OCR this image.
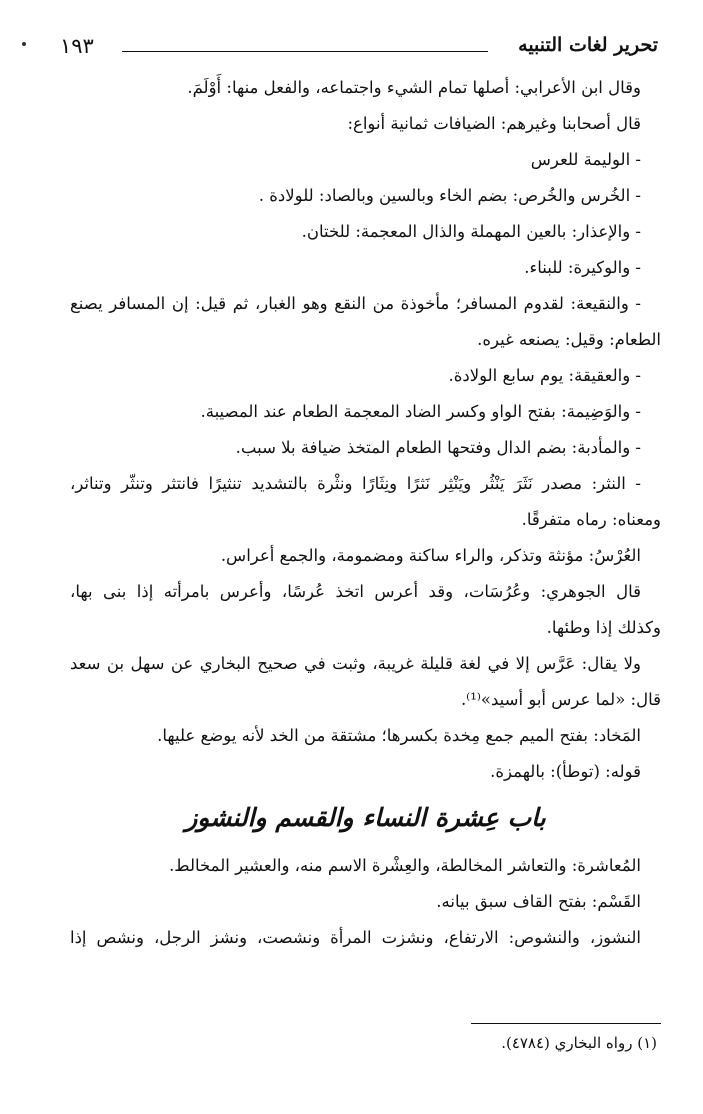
تحرير لغات التنبيه
١٩٣
وقال ابن الأعرابي: أصلها تمام الشيء واجتماعه، والفعل منها: أَوْلَمَ.
قال أصحابنا وغيرهم: الضيافات ثمانية أنواع:
- الوليمة للعرس
- الخُرس والخُرص: بضم الخاء وبالسين وبالصاد: للولادة .
- والإعذار: بالعين المهملة والذال المعجمة: للختان.
- والوكيرة: للبناء.
- والنقيعة: لقدوم المسافر؛ مأخوذة من النقع وهو الغبار، ثم قيل: إن المسافر يصنع
الطعام: وقيل: يصنعه غيره.
- والعقيقة: يوم سابع الولادة.
- والوَضِيمة: بفتح الواو وكسر الضاد المعجمة الطعام عند المصيبة.
- والمأدبة: بضم الدال وفتحها الطعام المتخذ ضيافة بلا سبب.
- النثر: مصدر نَثَرَ يَنْثُر ويَنْثِر نَثرًا ونِثَارًا ونثْرة بالتشديد تنثيرًا فانتثر وتنثّر وتناثر،
ومعناه: رماه متفرقًا.
العُرْسُ: مؤنثة وتذكر، والراء ساكنة ومضمومة، والجمع أعراس.
قال الجوهري: وعُرُسَات، وقد أعرس اتخذ عُرسًا، وأعرس بامرأته إذا بنى بها،
وكذلك إذا وطئها.
ولا يقال: عَرَّس إلا في لغة قليلة غريبة، وثبت في صحيح البخاري عن سهل بن سعد
قال: «لما عرس أبو أسيد»⁽¹⁾.
المَخاد: بفتح الميم جمع مِخدة بكسرها؛ مشتقة من الخد لأنه يوضع عليها.
قوله: (توطأ): بالهمزة.
باب عِشرة النساء والقسم والنشوز
المُعاشرة: والتعاشر المخالطة، والعِشْرة الاسم منه، والعشير المخالط.
القَسْم: بفتح القاف سبق بيانه.
النشوز، والنشوص: الارتفاع، ونشزت المرأة ونشصت، ونشز الرجل، ونشص إذا
(١) رواه البخاري (٤٧٨٤).
